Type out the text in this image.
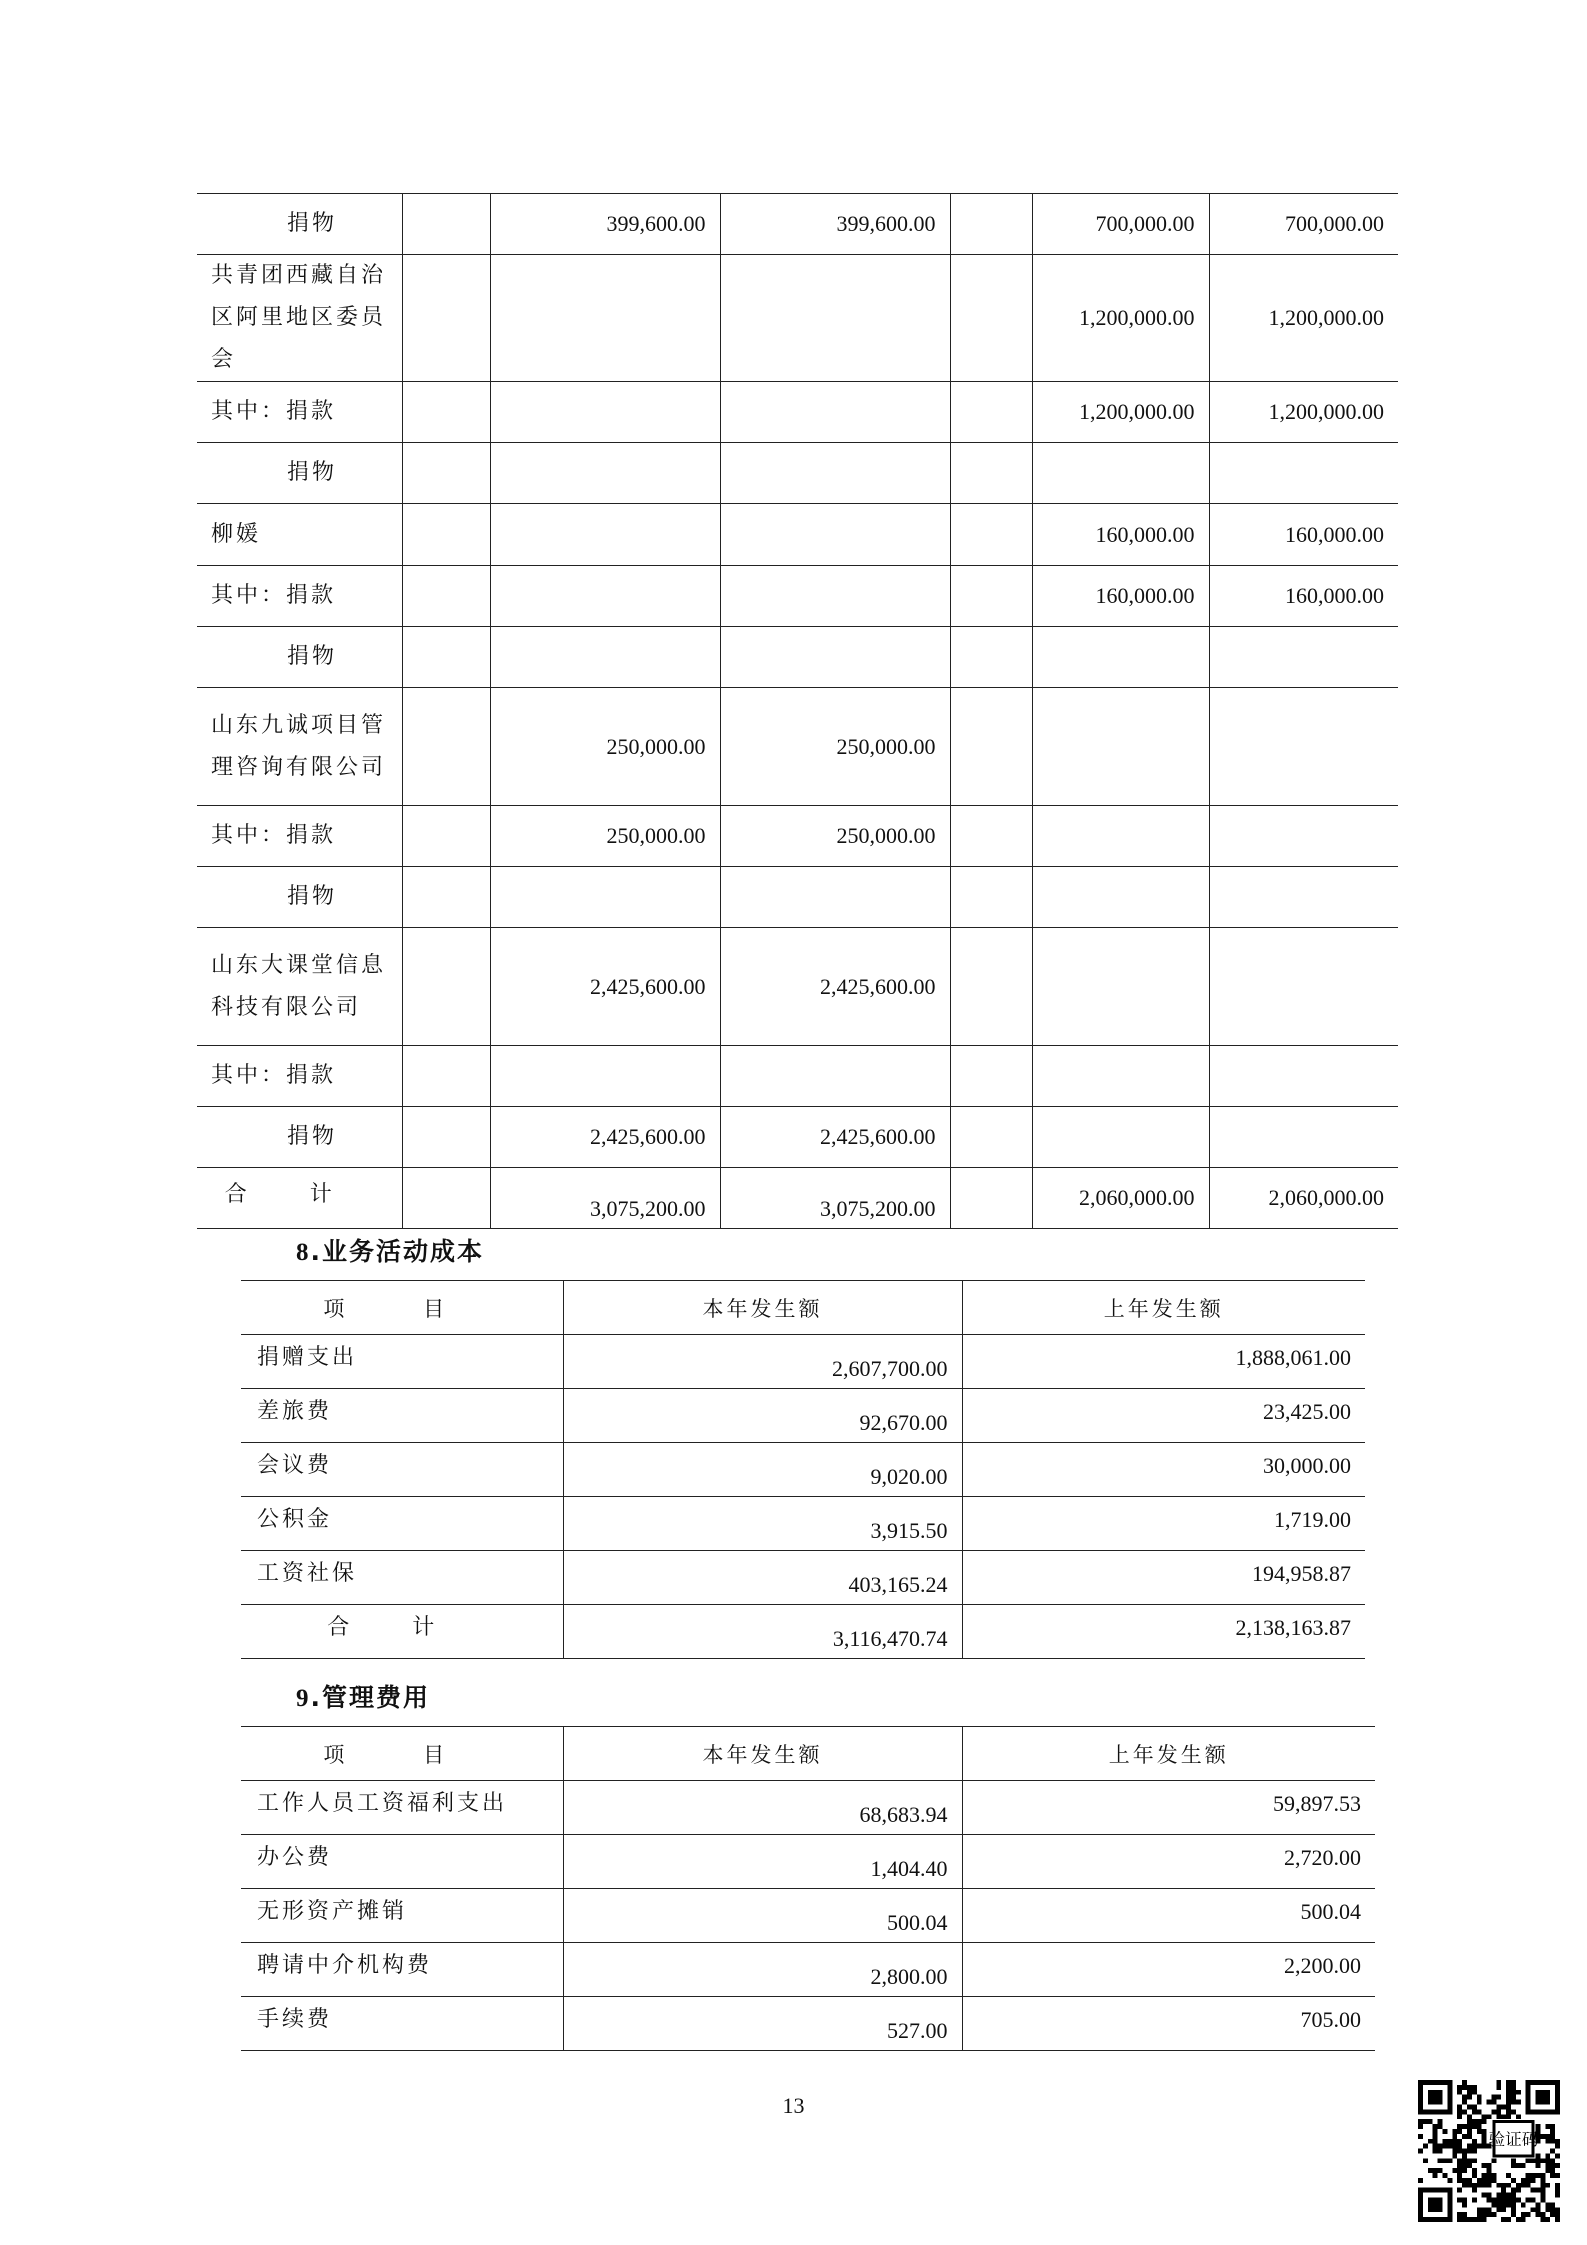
捐物		399,600.00	399,600.00		700,000.00	700,000.00
共青团西藏自治区阿里地区委员会					1,200,000.00	1,200,000.00
其中：捐款					1,200,000.00	1,200,000.00
捐物						
柳媛					160,000.00	160,000.00
其中：捐款					160,000.00	160,000.00
捐物						
山东九诚项目管理咨询有限公司		250,000.00	250,000.00			
其中：捐款		250,000.00	250,000.00			
捐物						
山东大课堂信息科技有限公司		2,425,600.00	2,425,600.00			
其中：捐款						
捐物		2,425,600.00	2,425,600.00			
合 计		3,075,200.00	3,075,200.00		2,060,000.00	2,060,000.00
8.业务活动成本
项 目	本年发生额	上年发生额
捐赠支出	2,607,700.00	1,888,061.00
差旅费	92,670.00	23,425.00
会议费	9,020.00	30,000.00
公积金	3,915.50	1,719.00
工资社保	403,165.24	194,958.87
合 计	3,116,470.74	2,138,163.87
9.管理费用
项 目	本年发生额	上年发生额
工作人员工资福利支出	68,683.94	59,897.53
办公费	1,404.40	2,720.00
无形资产摊销	500.04	500.04
聘请中介机构费	2,800.00	2,200.00
手续费	527.00	705.00
13
验证码
